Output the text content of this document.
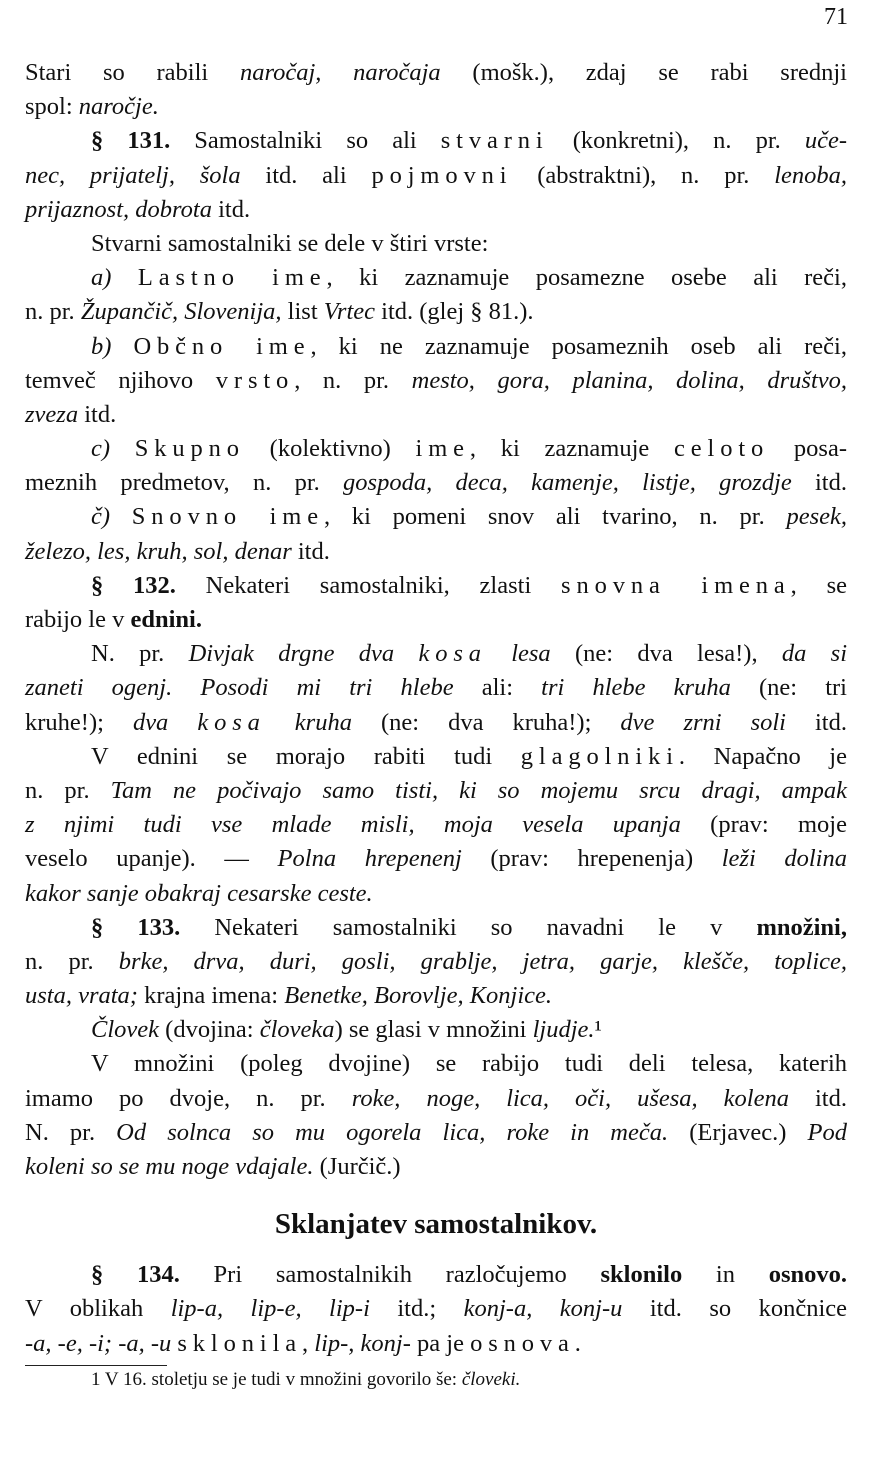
71
Stari so rabili naročaj, naročaja (mošk.), zdaj se rabi srednji
spol: naročje.
§ 131. Samostalniki so ali stvarni (konkretni), n. pr. uče-
nec, prijatelj, šola itd. ali pojmovni (abstraktni), n. pr. lenoba,
prijaznost, dobrota itd.
Stvarni samostalniki se dele v štiri vrste:
a) Lastno ime, ki zaznamuje posamezne osebe ali reči,
n. pr. Župančič, Slovenija, list Vrtec itd. (glej § 81.).
b) Občno ime, ki ne zaznamuje posameznih oseb ali reči,
temveč njihovo vrsto, n. pr. mesto, gora, planina, dolina, društvo,
zveza itd.
c) Skupno (kolektivno) ime, ki zaznamuje celoto posa-
meznih predmetov, n. pr. gospoda, deca, kamenje, listje, grozdje itd.
č) Snovno ime, ki pomeni snov ali tvarino, n. pr. pesek,
železo, les, kruh, sol, denar itd.
§ 132. Nekateri samostalniki, zlasti snovna imena, se
rabijo le v ednini.
N. pr. Divjak drgne dva kosa lesa (ne: dva lesa!), da si
zaneti ogenj. Posodi mi tri hlebe ali: tri hlebe kruha (ne: tri
kruhe!); dva kosa kruha (ne: dva kruha!); dve zrni soli itd.
V ednini se morajo rabiti tudi glagolniki. Napačno je
n. pr. Tam ne počivajo samo tisti, ki so mojemu srcu dragi, ampak
z njimi tudi vse mlade misli, moja vesela upanja (prav: moje
veselo upanje). — Polna hrepenenj (prav: hrepenenja) leži dolina
kakor sanje obakraj cesarske ceste.
§ 133. Nekateri samostalniki so navadni le v množini,
n. pr. brke, drva, duri, gosli, grablje, jetra, garje, klešče, toplice,
usta, vrata; krajna imena: Benetke, Borovlje, Konjice.
Človek (dvojina: človeka) se glasi v množini ljudje.¹
V množini (poleg dvojine) se rabijo tudi deli telesa, katerih
imamo po dvoje, n. pr. roke, noge, lica, oči, ušesa, kolena itd.
N. pr. Od solnca so mu ogorela lica, roke in meča. (Erjavec.) Pod
koleni so se mu noge vdajale. (Jurčič.)
Sklanjatev samostalnikov.
§ 134. Pri samostalnikih razločujemo sklonilo in osnovo.
V oblikah lip-a, lip-e, lip-i itd.; konj-a, konj-u itd. so končnice
-a, -e, -i; -a, -u sklonila, lip-, konj- pa je osnova.
1 V 16. stoletju se je tudi v množini govorilo še: človeki.
